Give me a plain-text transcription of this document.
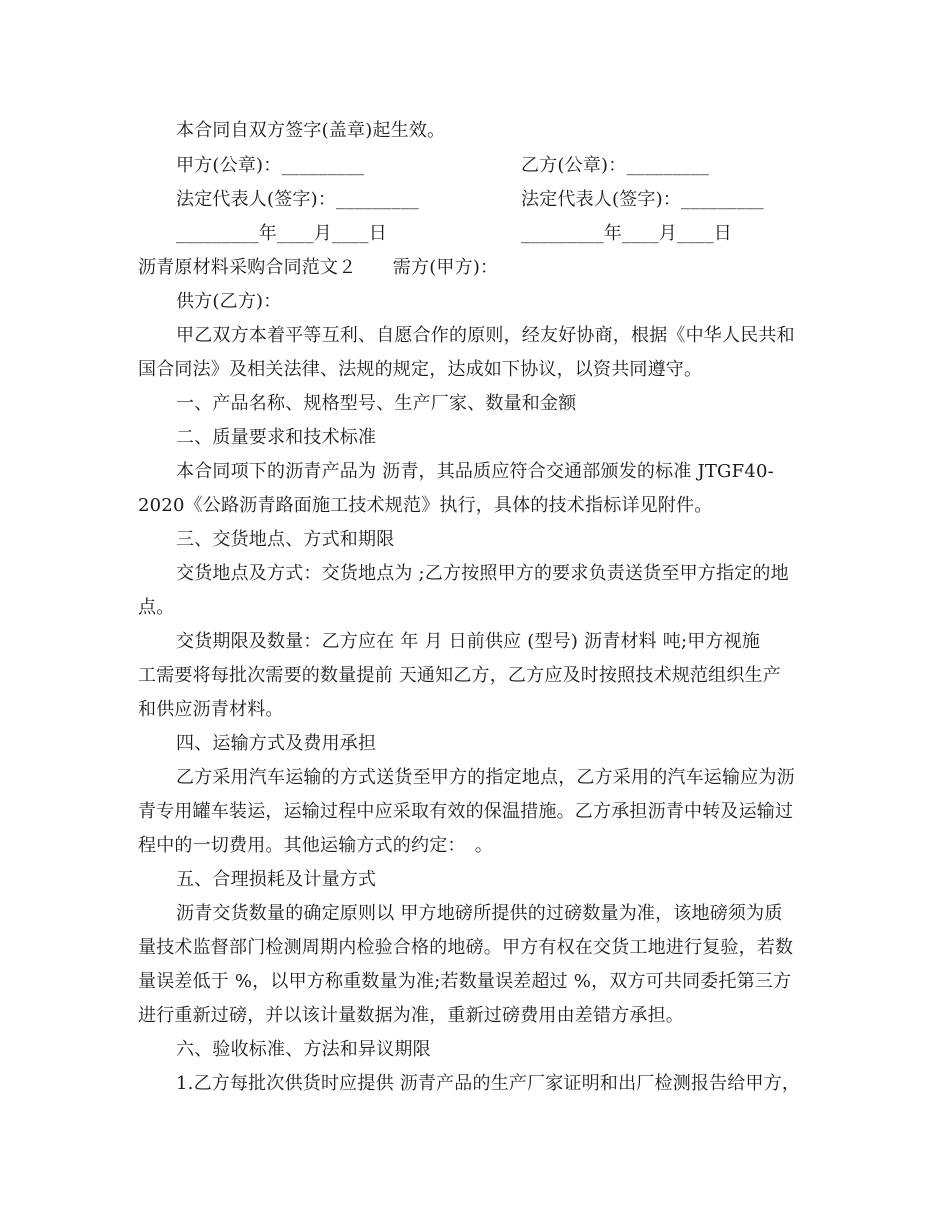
本合同自双方签字(盖章)起生效。
甲方(公章)：_________	乙方(公章)：_________
法定代表人(签字)：_________	法定代表人(签字)：_________
_________年____月____日	_________年____月____日
沥青原材料采购合同范文２　　需方(甲方)：
供方(乙方)：
甲乙双方本着平等互利、自愿合作的原则，经友好协商，根据《中华人民共和
国合同法》及相关法律、法规的规定，达成如下协议，以资共同遵守。
一、产品名称、规格型号、生产厂家、数量和金额
二、质量要求和技术标准
本合同项下的沥青产品为 沥青，其品质应符合交通部颁发的标准 JTGF40-
2020《公路沥青路面施工技术规范》执行，具体的技术指标详见附件。
三、交货地点、方式和期限
交货地点及方式：交货地点为 ;乙方按照甲方的要求负责送货至甲方指定的地
点。
交货期限及数量：乙方应在 年 月 日前供应 (型号) 沥青材料 吨;甲方视施
工需要将每批次需要的数量提前 天通知乙方，乙方应及时按照技术规范组织生产
和供应沥青材料。
四、运输方式及费用承担
乙方采用汽车运输的方式送货至甲方的指定地点，乙方采用的汽车运输应为沥
青专用罐车装运，运输过程中应采取有效的保温措施。乙方承担沥青中转及运输过
程中的一切费用。其他运输方式的约定：　。
五、合理损耗及计量方式
沥青交货数量的确定原则以 甲方地磅所提供的过磅数量为准，该地磅须为质
量技术监督部门检测周期内检验合格的地磅。甲方有权在交货工地进行复验，若数
量误差低于 %，以甲方称重数量为准;若数量误差超过 %，双方可共同委托第三方
进行重新过磅，并以该计量数据为准，重新过磅费用由差错方承担。
六、验收标准、方法和异议期限
1.乙方每批次供货时应提供 沥青产品的生产厂家证明和出厂检测报告给甲方，
